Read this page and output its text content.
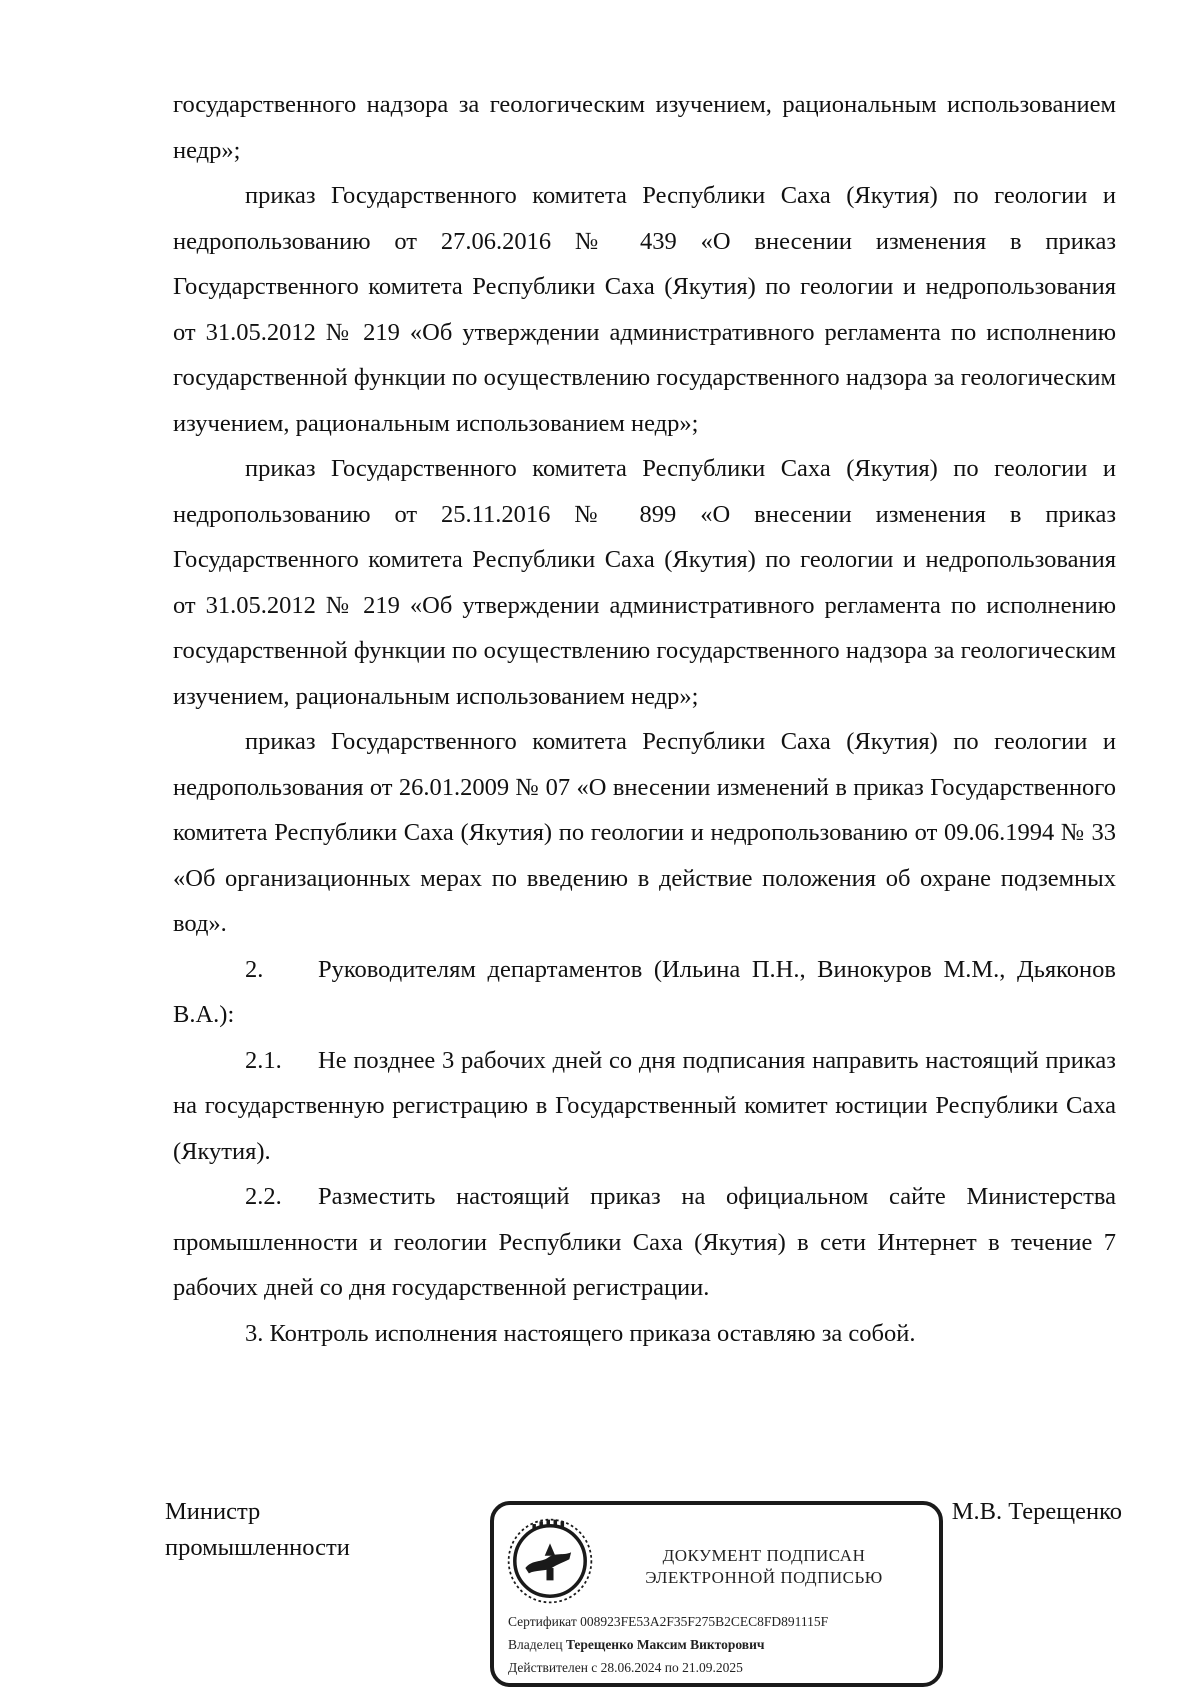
государственного надзора за геологическим изучением, рациональным использованием недр»;

приказ Государственного комитета Республики Саха (Якутия) по геологии и недропользованию от 27.06.2016 № 439 «О внесении изменения в приказ Государственного комитета Республики Саха (Якутия) по геологии и недропользования от 31.05.2012 № 219 «Об утверждении административного регламента по исполнению государственной функции по осуществлению государственного надзора за геологическим изучением, рациональным использованием недр»;

приказ Государственного комитета Республики Саха (Якутия) по геологии и недропользованию от 25.11.2016 № 899 «О внесении изменения в приказ Государственного комитета Республики Саха (Якутия) по геологии и недропользования от 31.05.2012 № 219 «Об утверждении административного регламента по исполнению государственной функции по осуществлению государственного надзора за геологическим изучением, рациональным использованием недр»;

приказ Государственного комитета Республики Саха (Якутия) по геологии и недропользования от 26.01.2009 № 07 «О внесении изменений в приказ Государственного комитета Республики Саха (Якутия) по геологии и недропользованию от 09.06.1994 № 33 «Об организационных мерах по введению в действие положения об охране подземных вод».

2. Руководителям департаментов (Ильина П.Н., Винокуров М.М., Дьяконов В.А.):

2.1. Не позднее 3 рабочих дней со дня подписания направить настоящий приказ на государственную регистрацию в Государственный комитет юстиции Республики Саха (Якутия).

2.2. Разместить настоящий приказ на официальном сайте Министерства промышленности и геологии Республики Саха (Якутия) в сети Интернет в течение 7 рабочих дней со дня государственной регистрации.

3. Контроль исполнения настоящего приказа оставляю за собой.

Министр
промышленности
М.В. Терещенко
ДОКУМЕНТ ПОДПИСАН
ЭЛЕКТРОННОЙ ПОДПИСЬЮ
Сертификат 008923FE53A2F35F275B2CEC8FD891115F
Владелец Терещенко Максим Викторович
Действителен с 28.06.2024 по 21.09.2025
